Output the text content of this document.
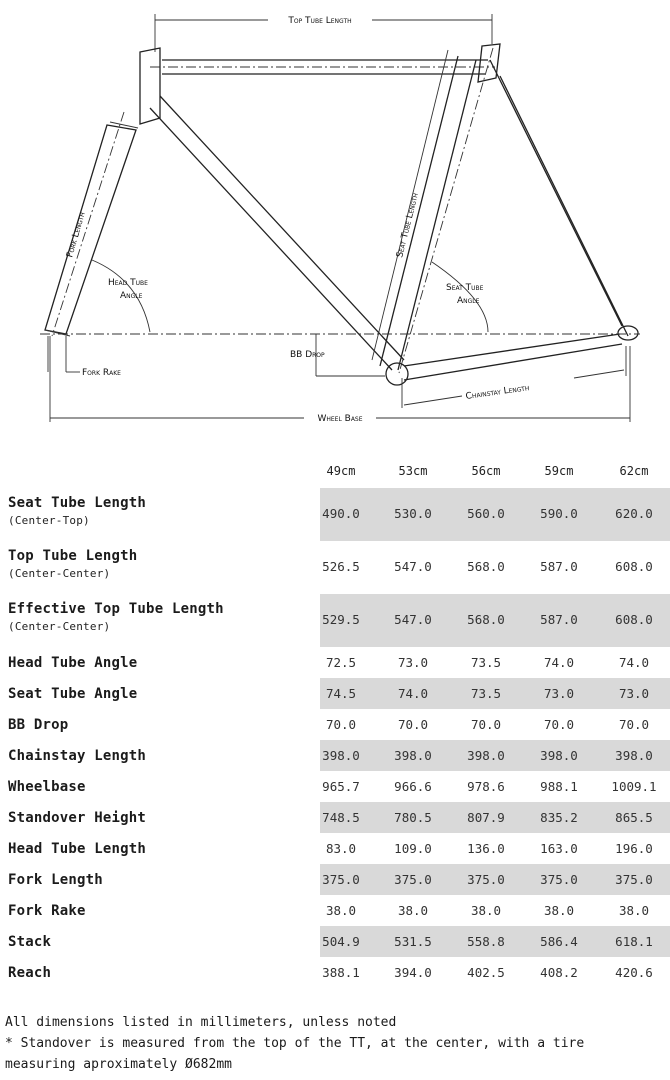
Top Tube Length
Fork Length	Seat Tube Length
Head Tube
Angle
Seat Tube
Angle
BB Drop
Fork Rake
Chainstay Length
Wheel Base
49cm	53cm	56cm	59cm	62cm
Seat Tube Length
(Center-Top)	490.0	530.0	560.0	590.0	620.0
Top Tube Length
(Center-Center)	526.5	547.0	568.0	587.0	608.0
Effective Top Tube Length
(Center-Center)	529.5	547.0	568.0	587.0	608.0
Head Tube Angle	72.5	73.0	73.5	74.0	74.0
Seat Tube Angle	74.5	74.0	73.5	73.0	73.0
BB Drop	70.0	70.0	70.0	70.0	70.0
Chainstay Length	398.0	398.0	398.0	398.0	398.0
Wheelbase	965.7	966.6	978.6	988.1	1009.1
Standover Height	748.5	780.5	807.9	835.2	865.5
Head Tube Length	83.0	109.0	136.0	163.0	196.0
Fork Length	375.0	375.0	375.0	375.0	375.0
Fork Rake	38.0	38.0	38.0	38.0	38.0
Stack	504.9	531.5	558.8	586.4	618.1
Reach	388.1	394.0	402.5	408.2	420.6
All dimensions listed in millimeters, unless noted
* Standover is measured from the top of the TT, at the center, with a tire
measuring aproximately Ø682mm
